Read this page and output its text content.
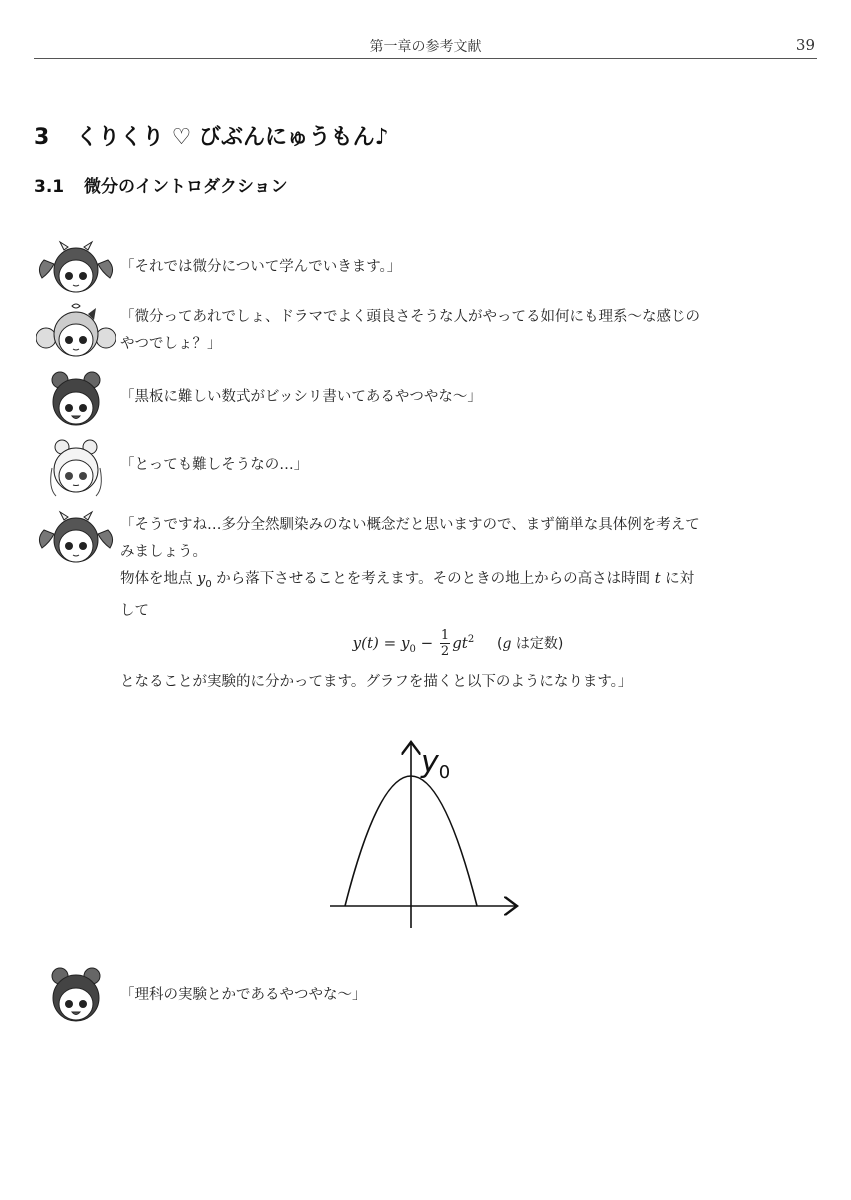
第一章の参考文献	39
3 くりくり ♡ びぶんにゅうもん♪
3.1 微分のイントロダクション

「それでは微分について学んでいきます。」

「微分ってあれでしょ、ドラマでよく頭良さそうな人がやってる如何にも理系〜な感じの

やつでしょ？」

「黒板に難しい数式がビッシリ書いてあるやつやな〜」

「とっても難しそうなの…」

「そうですね…多分全然馴染みのない概念だと思いますので、まず簡単な具体例を考えて

みましょう。

物体を地点 $y_0$ から落下させることを考えます。そのときの地上からの高さは時間 t に対

して

$y(t) = y_0 - \frac{1}{2} gt^2$ (g は定数)

となることが実験的に分かってます。グラフを描くと以下のようになります。」

$y_0$

「理科の実験とかであるやつやな〜」
